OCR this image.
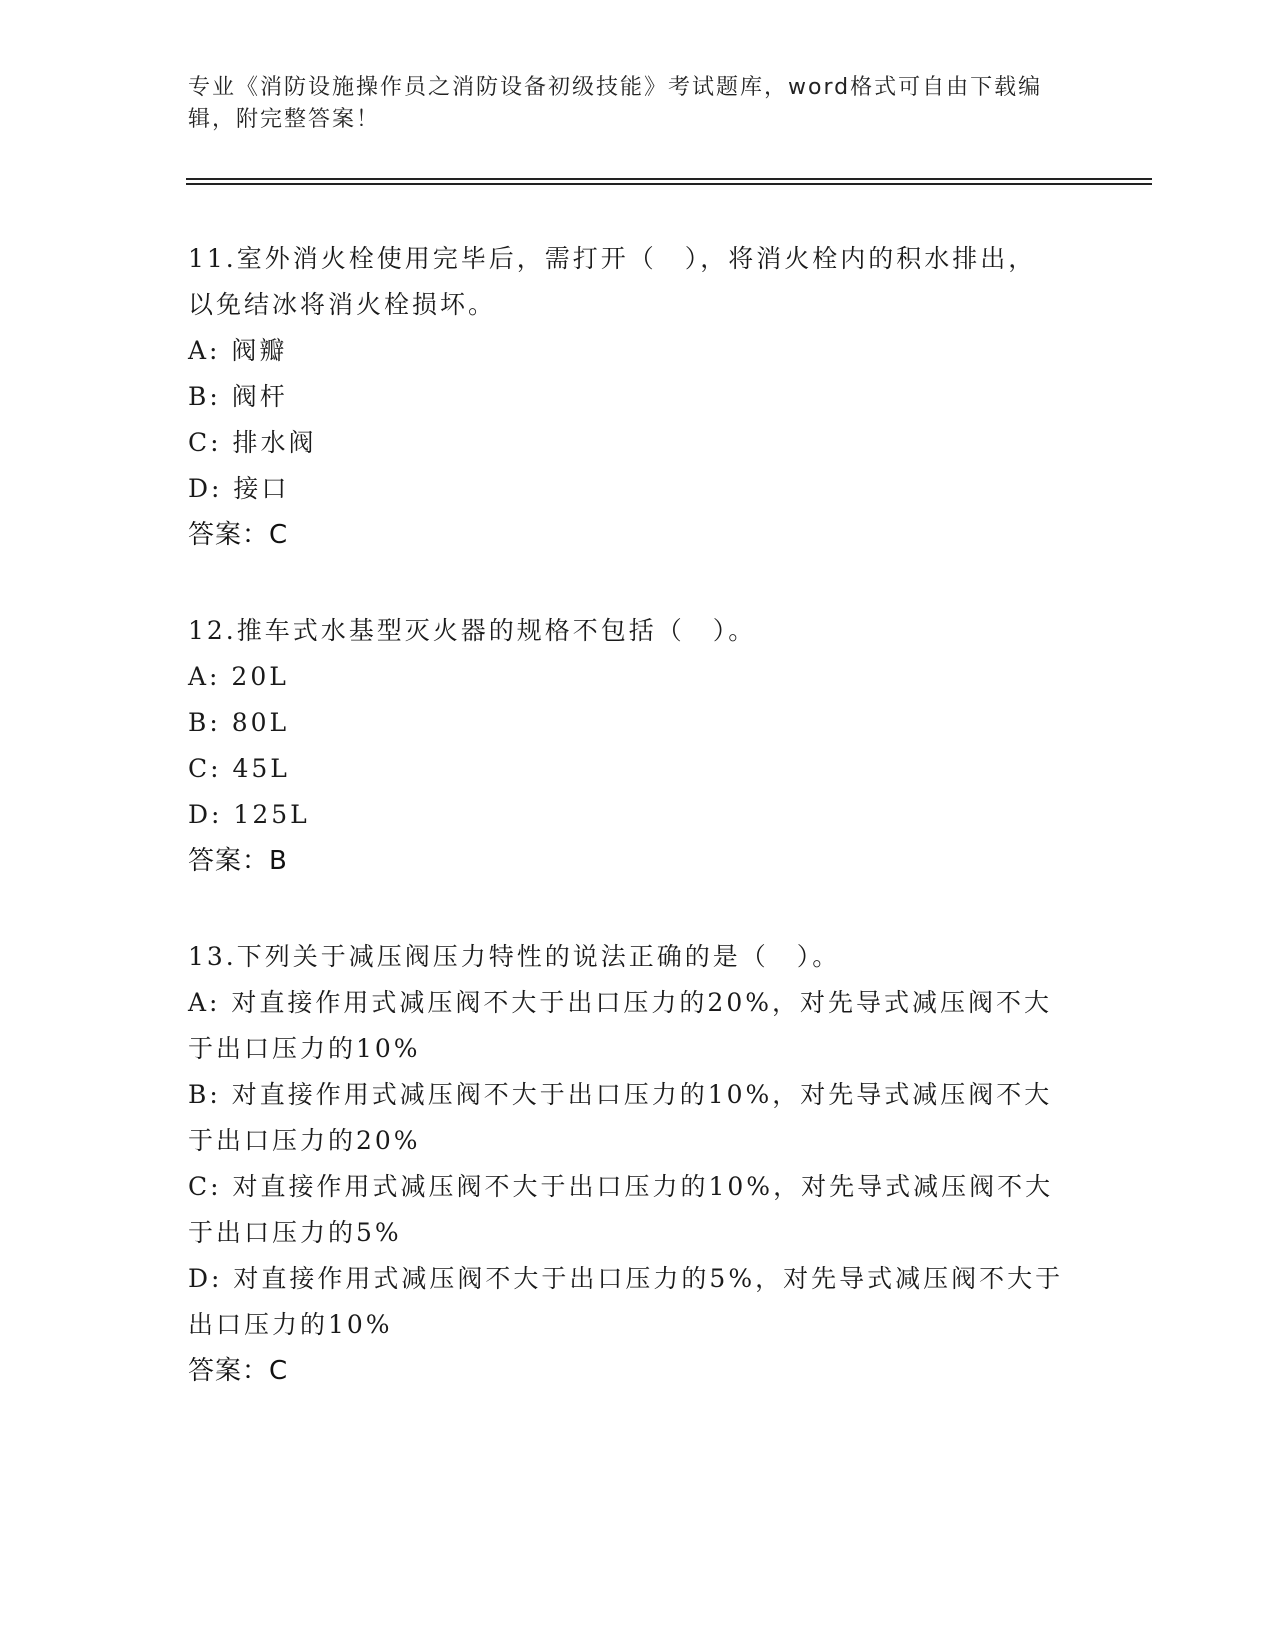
专业《消防设施操作员之消防设备初级技能》考试题库，word格式可自由下载编
辑，附完整答案！
11.室外消火栓使用完毕后，需打开（　），将消火栓内的积水排出，
以免结冰将消火栓损坏。
A: 阀瓣
B: 阀杆
C: 排水阀
D: 接口
答案：C
12.推车式水基型灭火器的规格不包括（　）。
A: 20L
B: 80L
C: 45L
D: 125L
答案：B
13.下列关于减压阀压力特性的说法正确的是（　）。
A: 对直接作用式减压阀不大于出口压力的20%，对先导式减压阀不大
于出口压力的10%
B: 对直接作用式减压阀不大于出口压力的10%，对先导式减压阀不大
于出口压力的20%
C: 对直接作用式减压阀不大于出口压力的10%，对先导式减压阀不大
于出口压力的5%
D: 对直接作用式减压阀不大于出口压力的5%，对先导式减压阀不大于
出口压力的10%
答案：C
